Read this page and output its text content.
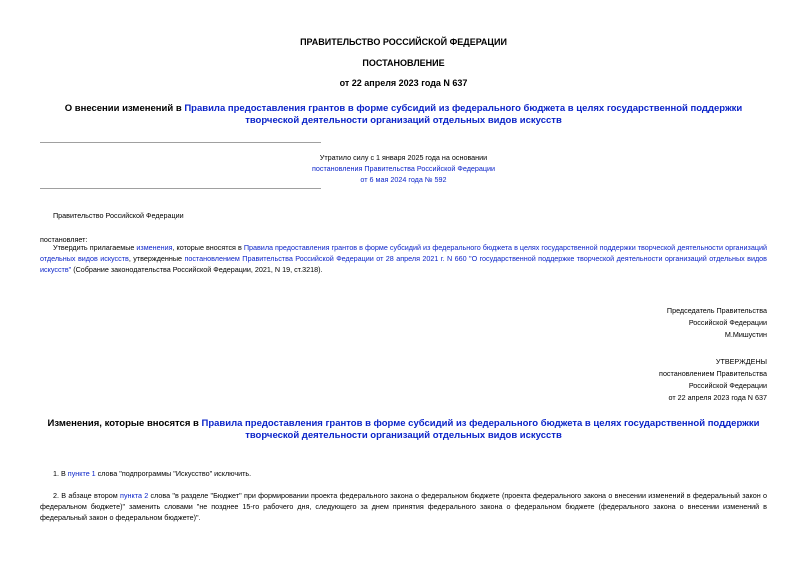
ПРАВИТЕЛЬСТВО РОССИЙСКОЙ ФЕДЕРАЦИИ
ПОСТАНОВЛЕНИЕ
от 22 апреля 2023 года N 637
О внесении изменений в Правила предоставления грантов в форме субсидий из федерального бюджета в целях государственной поддержки творческой деятельности организаций отдельных видов искусств
Утратило силу с 1 января 2025 года на основании
постановления Правительства Российской Федерации
от 6 мая 2024 года № 592
Правительство Российской Федерации
постановляет:
Утвердить прилагаемые изменения, которые вносятся в Правила предоставления грантов в форме субсидий из федерального бюджета в целях государственной поддержки творческой деятельности организаций отдельных видов искусств, утвержденные постановлением Правительства Российской Федерации от 28 апреля 2021 г. N 660 "О государственной поддержке творческой деятельности организаций отдельных видов искусств" (Собрание законодательства Российской Федерации, 2021, N 19, ст.3218).
Председатель Правительства
Российской Федерации
М.Мишустин
УТВЕРЖДЕНЫ
постановлением Правительства
Российской Федерации
от 22 апреля 2023 года N 637
Изменения, которые вносятся в Правила предоставления грантов в форме субсидий из федерального бюджета в целях государственной поддержки творческой деятельности организаций отдельных видов искусств
1. В пункте 1 слова "подпрограммы "Искусство" исключить.
2. В абзаце втором пункта 2 слова "в разделе "Бюджет" при формировании проекта федерального закона о федеральном бюджете (проекта федерального закона о внесении изменений в федеральный закон о федеральном бюджете)" заменить словами "не позднее 15-го рабочего дня, следующего за днем принятия федерального закона о федеральном бюджете (федерального закона о внесении изменений в федеральный закон о федеральном бюджете)".
